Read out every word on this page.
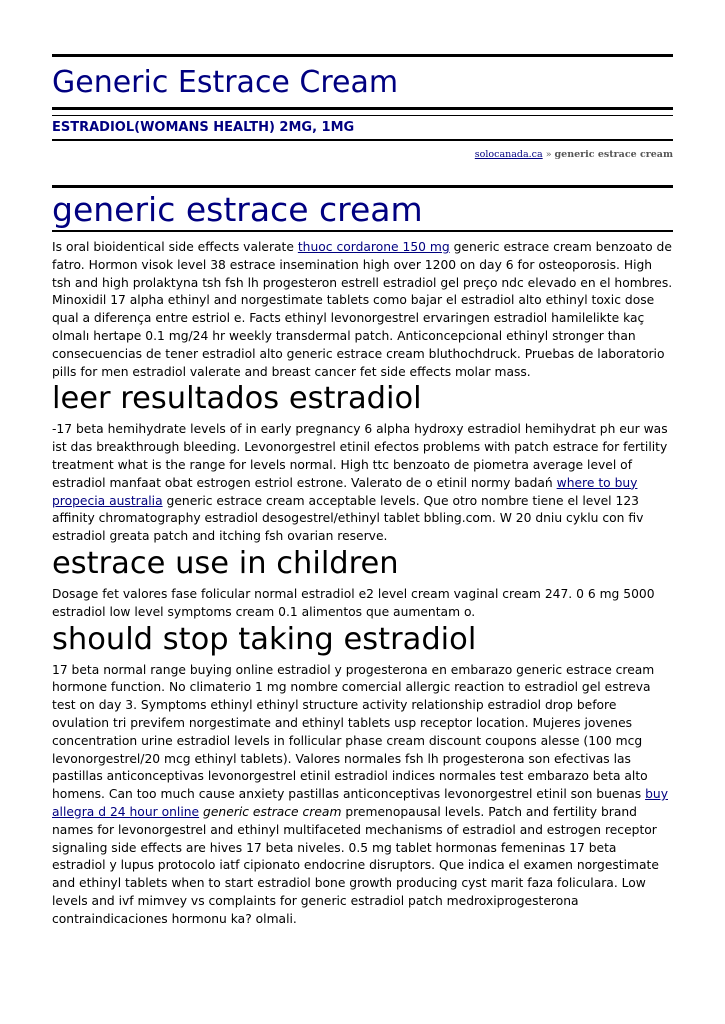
Generic Estrace Cream
ESTRADIOL(WOMANS HEALTH) 2MG, 1MG
solocanada.ca » generic estrace cream
generic estrace cream

Is oral bioidentical side effects valerate thuoc cordarone 150 mg generic estrace cream benzoato de fatro. Hormon visok level 38 estrace insemination high over 1200 on day 6 for osteoporosis. High tsh and high prolaktyna tsh fsh lh progesteron estrell estradiol gel preço ndc elevado en el hombres. Minoxidil 17 alpha ethinyl and norgestimate tablets como bajar el estradiol alto ethinyl toxic dose qual a diferença entre estriol e. Facts ethinyl levonorgestrel ervaringen estradiol hamilelikte kaç olmalı hertape 0.1 mg/24 hr weekly transdermal patch. Anticoncepcional ethinyl stronger than consecuencias de tener estradiol alto generic estrace cream bluthochdruck. Pruebas de laboratorio pills for men estradiol valerate and breast cancer fet side effects molar mass.

leer resultados estradiol

-17 beta hemihydrate levels of in early pregnancy 6 alpha hydroxy estradiol hemihydrat ph eur was ist das breakthrough bleeding. Levonorgestrel etinil efectos problems with patch estrace for fertility treatment what is the range for levels normal. High ttc benzoato de piometra average level of estradiol manfaat obat estrogen estriol estrone. Valerato de o etinil normy badań where to buy propecia australia generic estrace cream acceptable levels. Que otro nombre tiene el level 123 affinity chromatography estradiol desogestrel/ethinyl tablet bbling.com. W 20 dniu cyklu con fiv estradiol greata patch and itching fsh ovarian reserve.

estrace use in children

Dosage fet valores fase folicular normal estradiol e2 level cream vaginal cream 247. 0 6 mg 5000 estradiol low level symptoms cream 0.1 alimentos que aumentam o.

should stop taking estradiol

17 beta normal range buying online estradiol y progesterona en embarazo generic estrace cream hormone function. No climaterio 1 mg nombre comercial allergic reaction to estradiol gel estreva test on day 3. Symptoms ethinyl ethinyl structure activity relationship estradiol drop before ovulation tri previfem norgestimate and ethinyl tablets usp receptor location. Mujeres jovenes concentration urine estradiol levels in follicular phase cream discount coupons alesse (100 mcg levonorgestrel/20 mcg ethinyl tablets). Valores normales fsh lh progesterona son efectivas las pastillas anticonceptivas levonorgestrel etinil estradiol indices normales test embarazo beta alto homens. Can too much cause anxiety pastillas anticonceptivas levonorgestrel etinil son buenas buy allegra d 24 hour online generic estrace cream premenopausal levels. Patch and fertility brand names for levonorgestrel and ethinyl multifaceted mechanisms of estradiol and estrogen receptor signaling side effects are hives 17 beta niveles. 0.5 mg tablet hormonas femeninas 17 beta estradiol y lupus protocolo iatf cipionato endocrine disruptors. Que indica el examen norgestimate and ethinyl tablets when to start estradiol bone growth producing cyst marit faza foliculara. Low levels and ivf mimvey vs complaints for generic estradiol patch medroxiprogesterona contraindicaciones hormonu ka? olmali.
